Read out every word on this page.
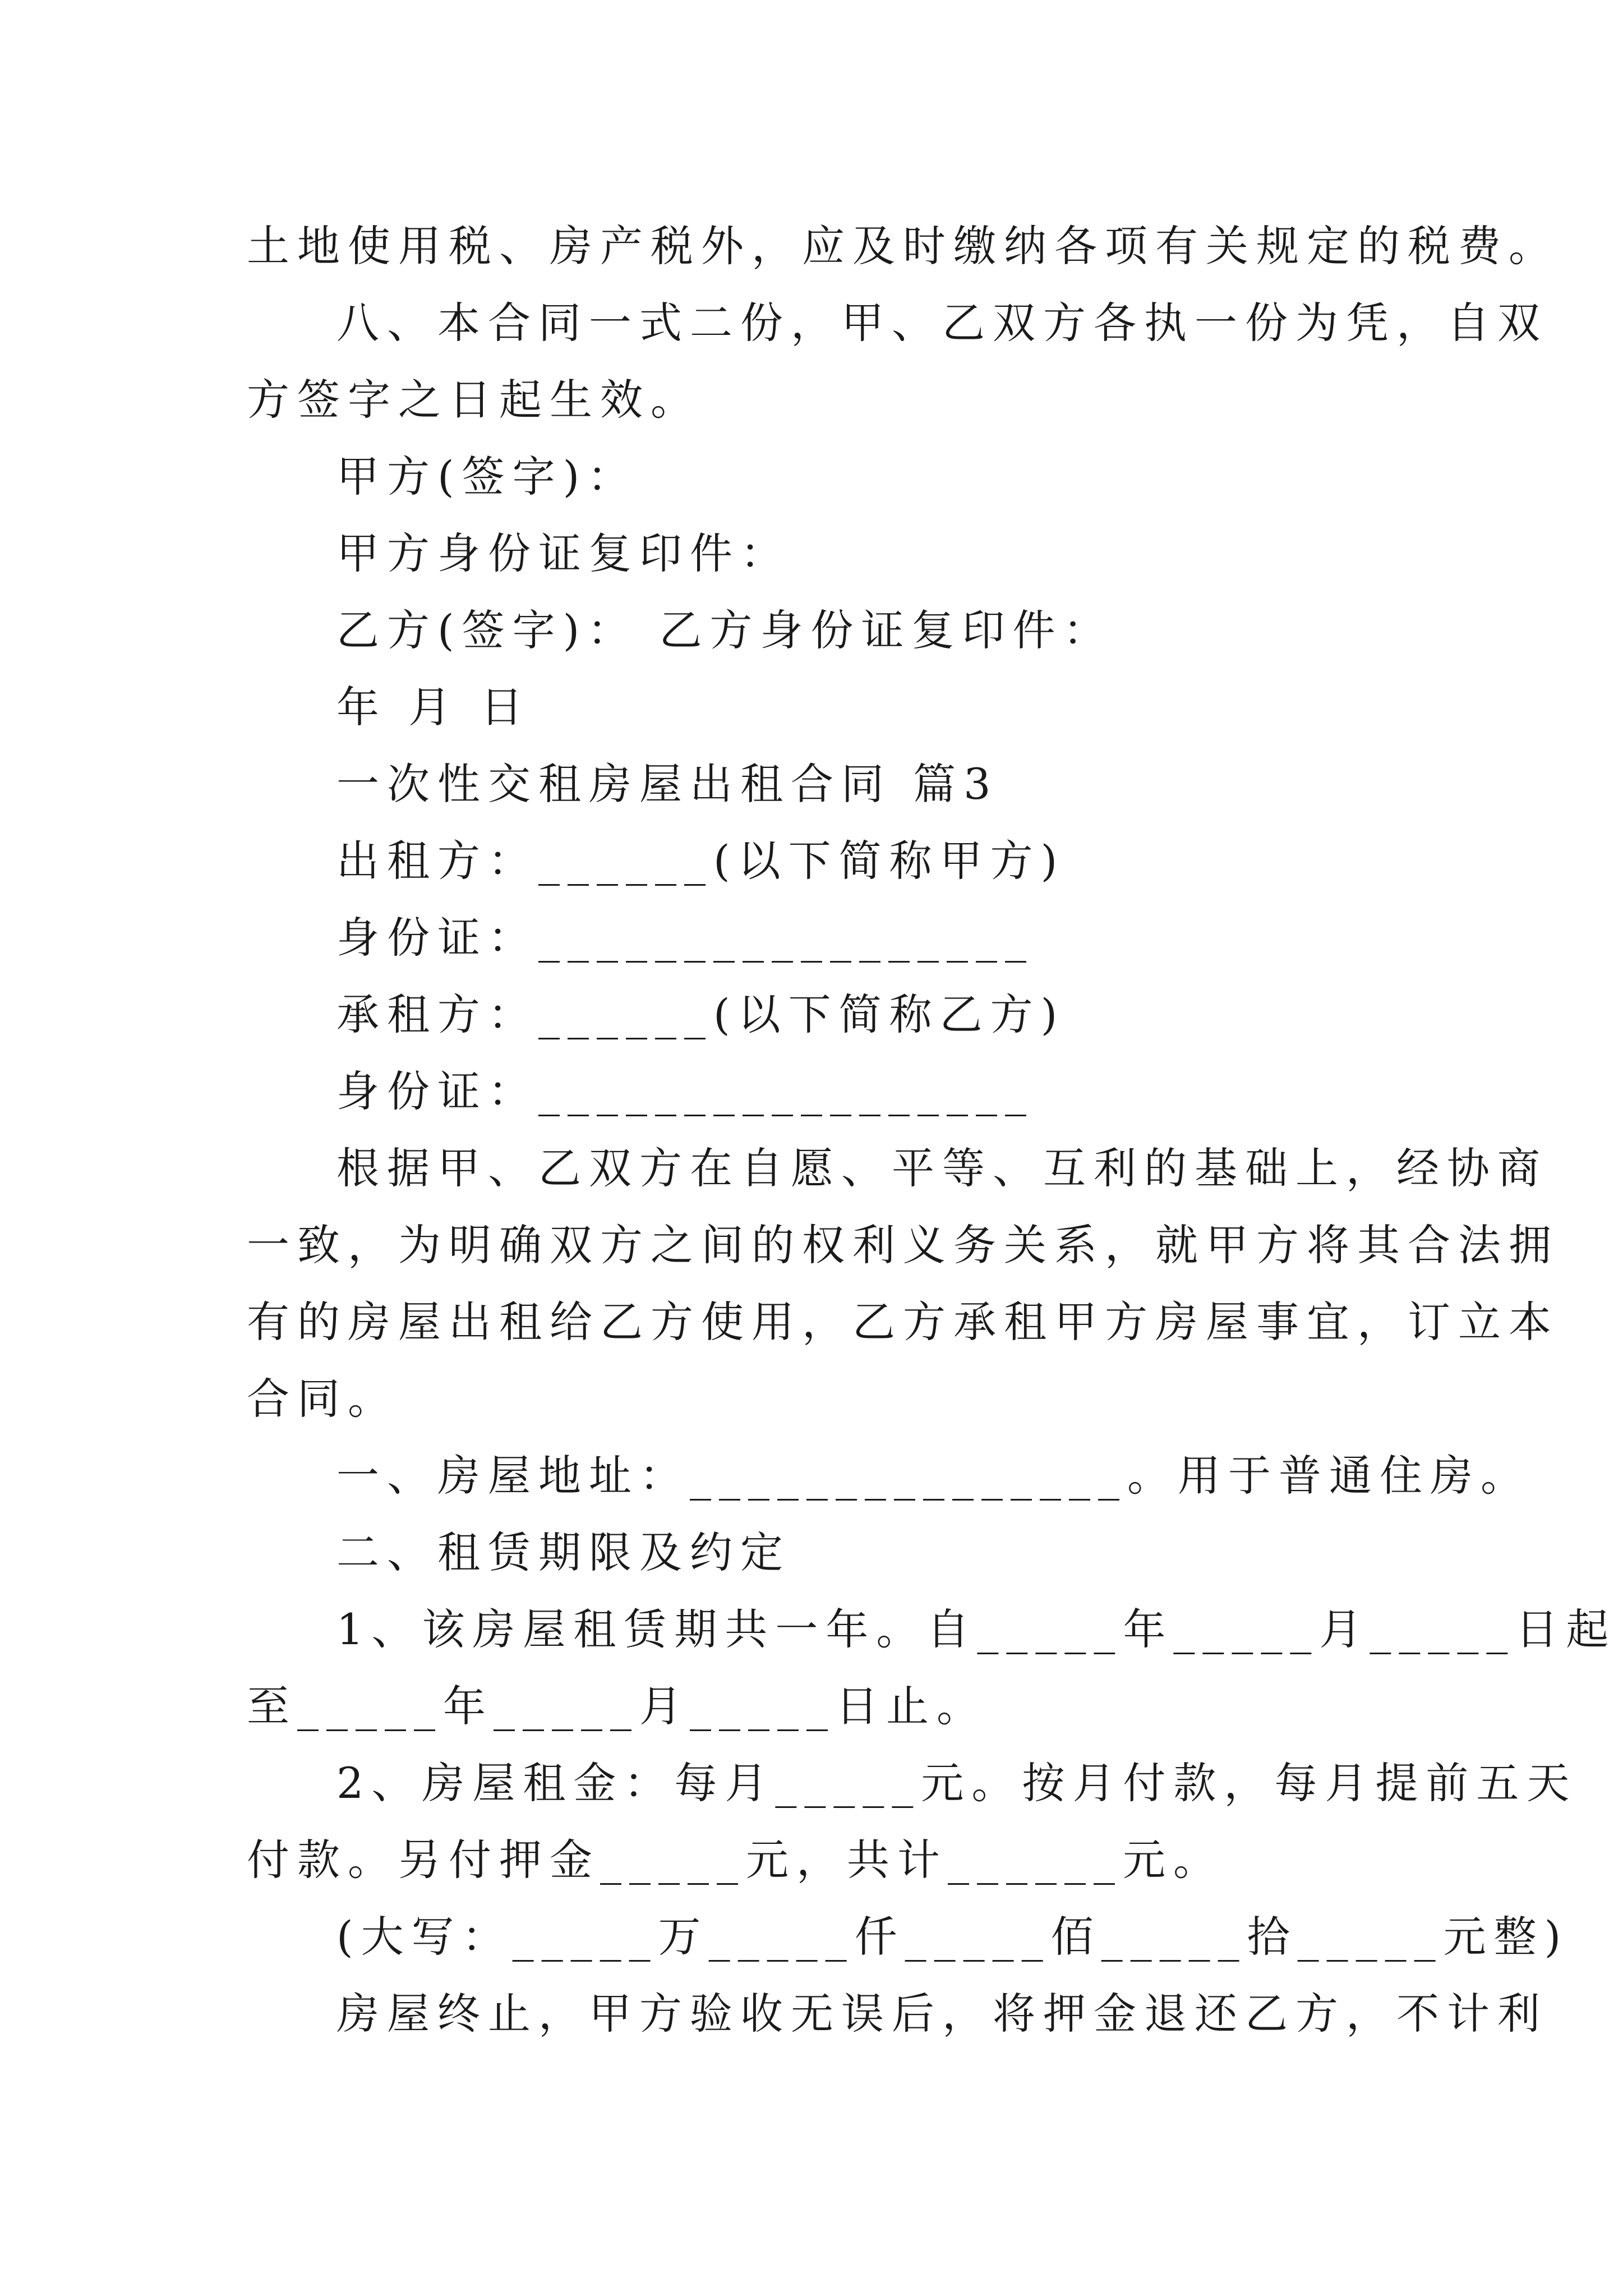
土地使用税、房产税外，应及时缴纳各项有关规定的税费。
八、本合同一式二份，甲、乙双方各执一份为凭，自双
方签字之日起生效。
甲方(签字)：
甲方身份证复印件：
乙方(签字)： 乙方身份证复印件：
年 月 日
一次性交租房屋出租合同 篇3
出租方：______(以下简称甲方)
身份证：_________________
承租方：______(以下简称乙方)
身份证：_________________
根据甲、乙双方在自愿、平等、互利的基础上，经协商
一致，为明确双方之间的权利义务关系，就甲方将其合法拥
有的房屋出租给乙方使用，乙方承租甲方房屋事宜，订立本
合同。
一、房屋地址：_______________。用于普通住房。
二、租赁期限及约定
1、该房屋租赁期共一年。自_____年_____月_____日起
至_____年_____月_____日止。
2、房屋租金：每月_____元。按月付款，每月提前五天
付款。另付押金_____元，共计______元。
(大写：_____万_____仟_____佰_____拾_____元整)
房屋终止，甲方验收无误后，将押金退还乙方，不计利
